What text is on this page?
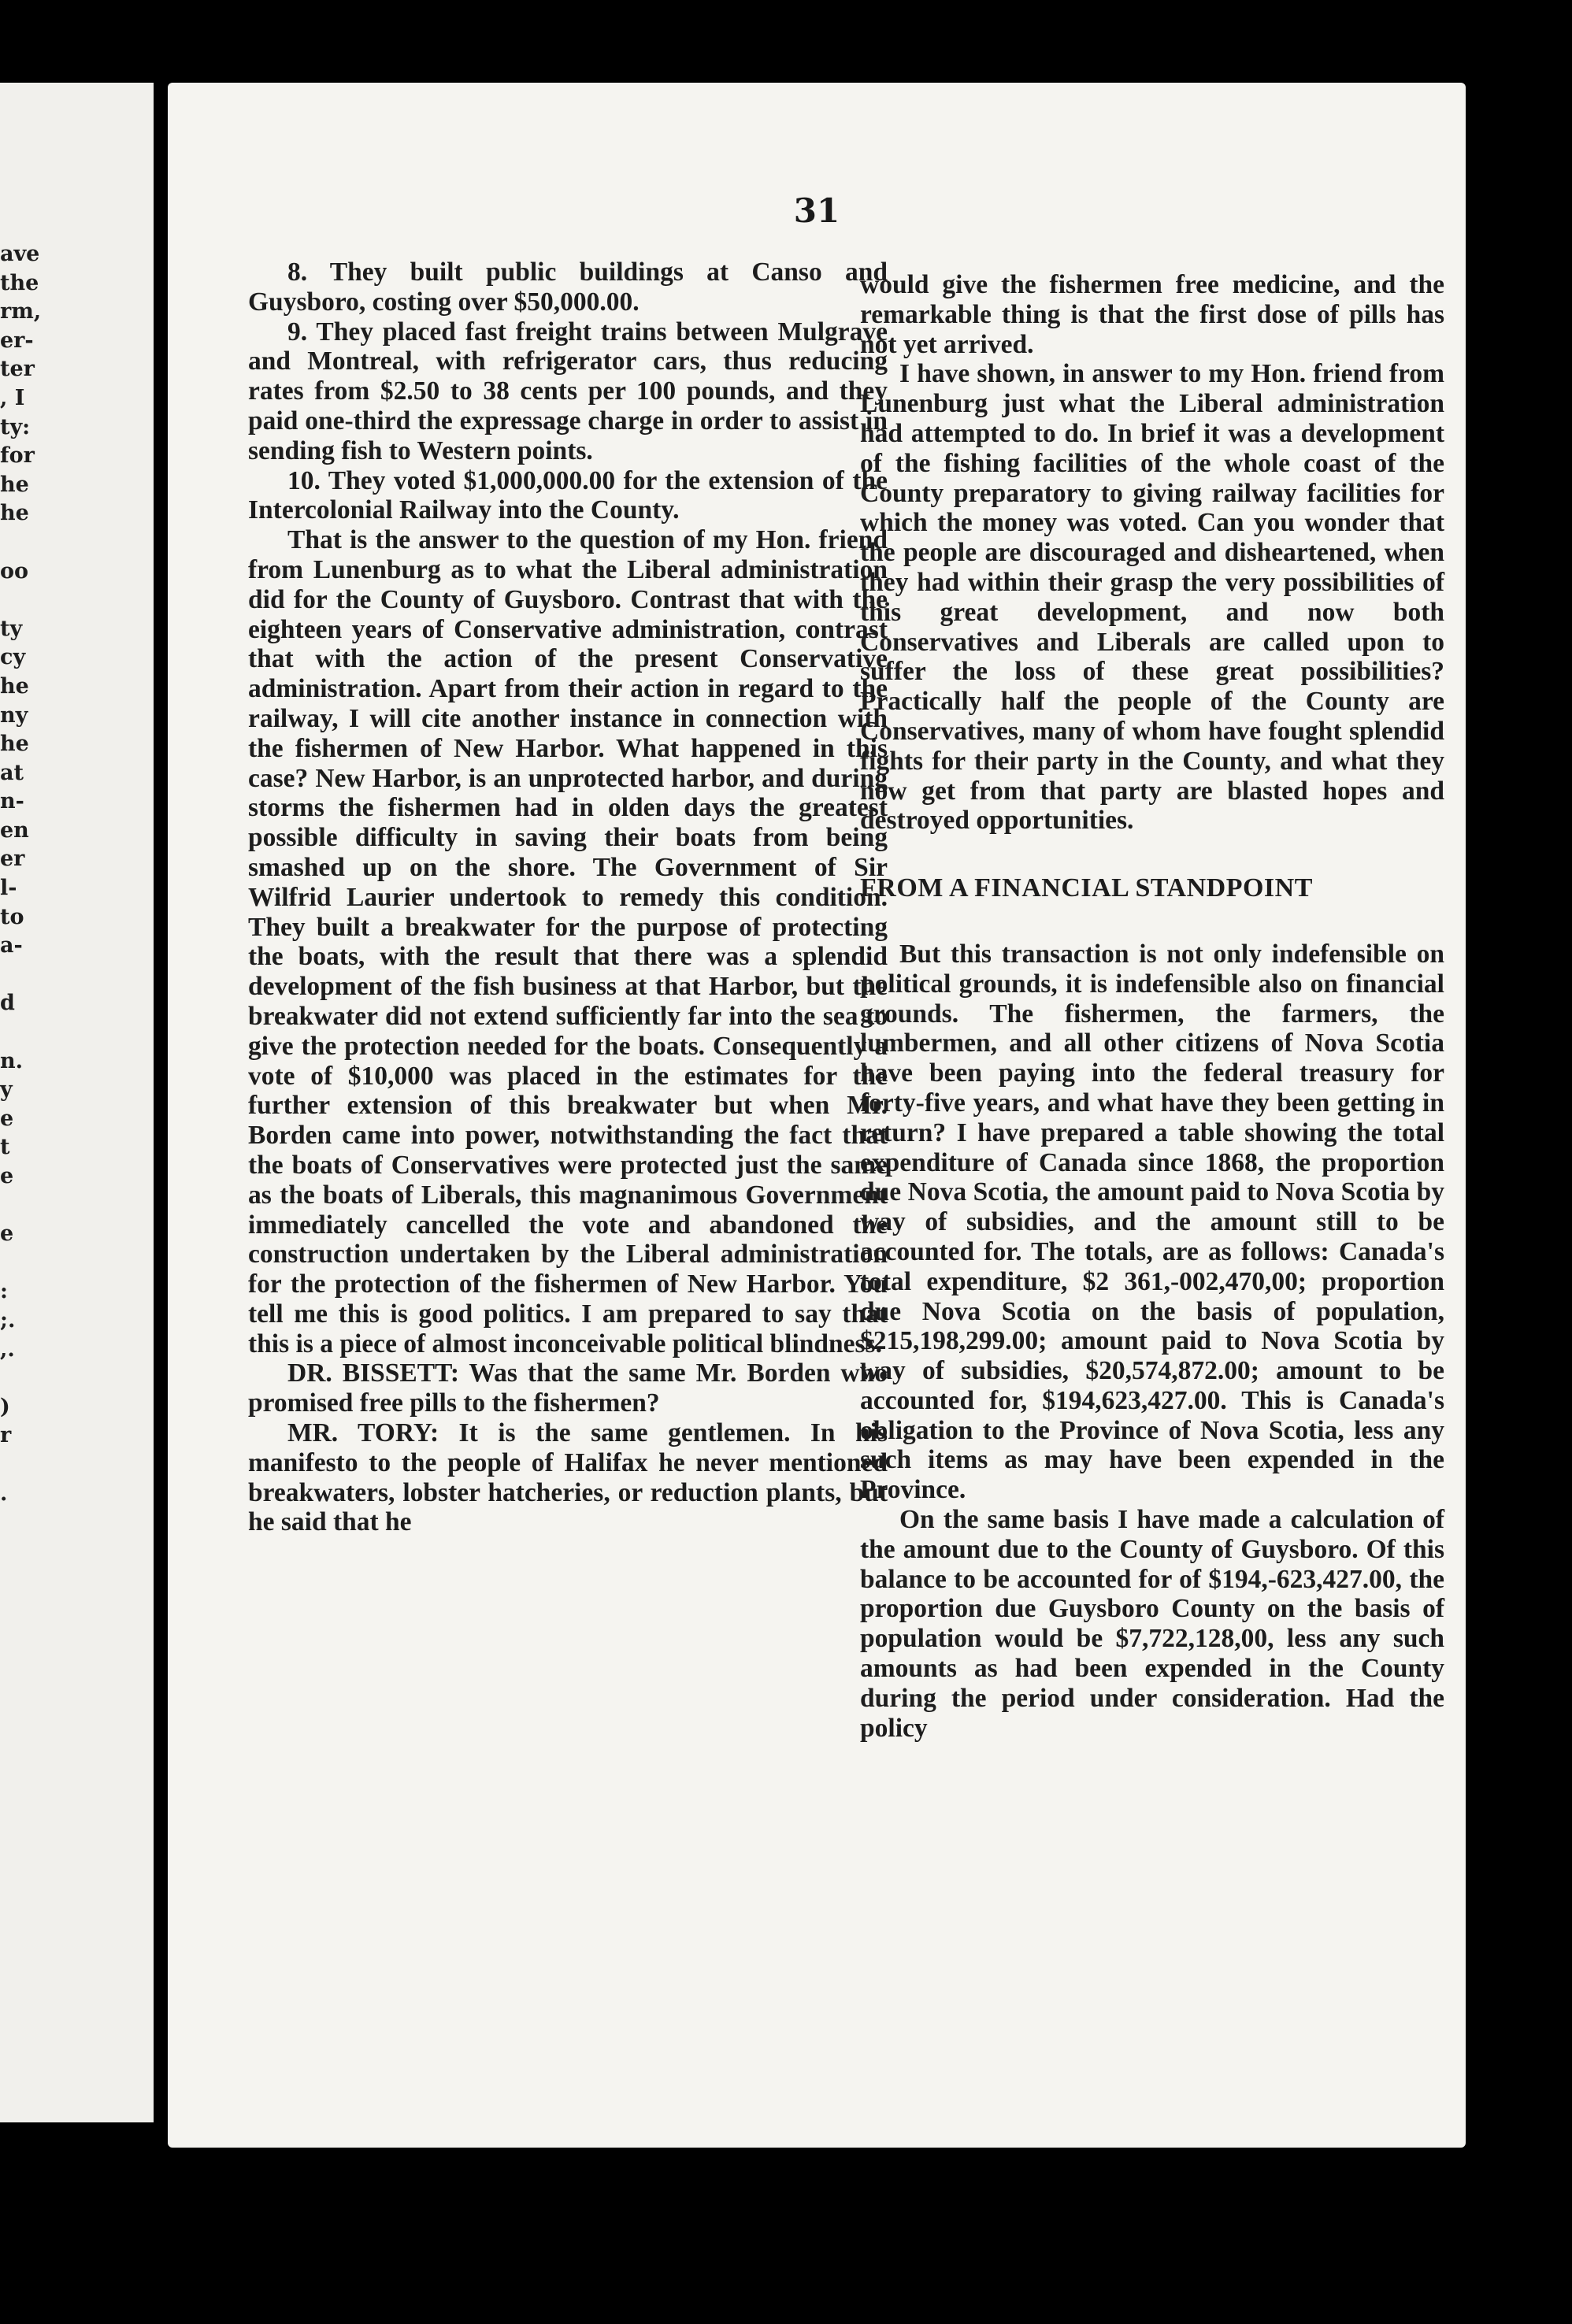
ave
the
rm,
er-
ter
, I
ty:
for
he
he

oo

ty
cy
he
ny
he
at
n-
en
er
l-
to
a-

d

n.
y
e
t
e

e

:
;.
,.

)
r

.
31

8. They built public buildings at Canso and Guysboro, costing over $50,000.00.

9. They placed fast freight trains between Mulgrave and Montreal, with refrigerator cars, thus reducing rates from $2.50 to 38 cents per 100 pounds, and they paid one-third the expressage charge in order to assist in sending fish to Western points.

10. They voted $1,000,000.00 for the extension of the Intercolonial Railway into the County.

That is the answer to the question of my Hon. friend from Lunenburg as to what the Liberal administration did for the County of Guysboro. Contrast that with the eighteen years of Conservative administration, contrast that with the action of the present Conservative administration. Apart from their action in regard to the railway, I will cite another instance in connection with the fishermen of New Harbor. What happened in this case? New Harbor, is an unprotected harbor, and during storms the fishermen had in olden days the greatest possible difficulty in saving their boats from being smashed up on the shore. The Government of Sir Wilfrid Laurier undertook to remedy this condition. They built a breakwater for the purpose of protecting the boats, with the result that there was a splendid development of the fish business at that Harbor, but the breakwater did not extend sufficiently far into the sea to give the protection needed for the boats. Consequently a vote of $10,000 was placed in the estimates for the further extension of this breakwater but when Mr. Borden came into power, notwithstanding the fact that the boats of Conservatives were protected just the same as the boats of Liberals, this magnanimous Government immediately cancelled the vote and abandoned the construction undertaken by the Liberal administration for the protection of the fishermen of New Harbor. You tell me this is good politics. I am prepared to say that this is a piece of almost inconceivable political blindness.

DR. BISSETT: Was that the same Mr. Borden who promised free pills to the fishermen?

MR. TORY: It is the same gentlemen. In his manifesto to the people of Halifax he never mentioned breakwaters, lobster hatcheries, or reduction plants, but he said that he

would give the fishermen free medicine, and the remarkable thing is that the first dose of pills has not yet arrived.

I have shown, in answer to my Hon. friend from Lunenburg just what the Liberal administration had attempted to do. In brief it was a development of the fishing facilities of the whole coast of the County preparatory to giving railway facilities for which the money was voted. Can you wonder that the people are discouraged and disheartened, when they had within their grasp the very possibilities of this great development, and now both Conservatives and Liberals are called upon to suffer the loss of these great possibilities? Practically half the people of the County are Conservatives, many of whom have fought splendid fights for their party in the County, and what they now get from that party are blasted hopes and destroyed opportunities.

FROM A FINANCIAL STANDPOINT

But this transaction is not only indefensible on political grounds, it is indefensible also on financial grounds. The fishermen, the farmers, the lumbermen, and all other citizens of Nova Scotia have been paying into the federal treasury for forty-five years, and what have they been getting in return? I have prepared a table showing the total expenditure of Canada since 1868, the proportion due Nova Scotia, the amount paid to Nova Scotia by way of subsidies, and the amount still to be accounted for. The totals, are as follows: Canada's total expenditure, $2 361,-002,470,00; proportion due Nova Scotia on the basis of population, $215,198,299.00; amount paid to Nova Scotia by way of subsidies, $20,574,872.00; amount to be accounted for, $194,623,427.00. This is Canada's obligation to the Province of Nova Scotia, less any such items as may have been expended in the Province.

On the same basis I have made a calculation of the amount due to the County of Guysboro. Of this balance to be accounted for of $194,-623,427.00, the proportion due Guysboro County on the basis of population would be $7,722,128,00, less any such amounts as had been expended in the County during the period under consideration. Had the policy
